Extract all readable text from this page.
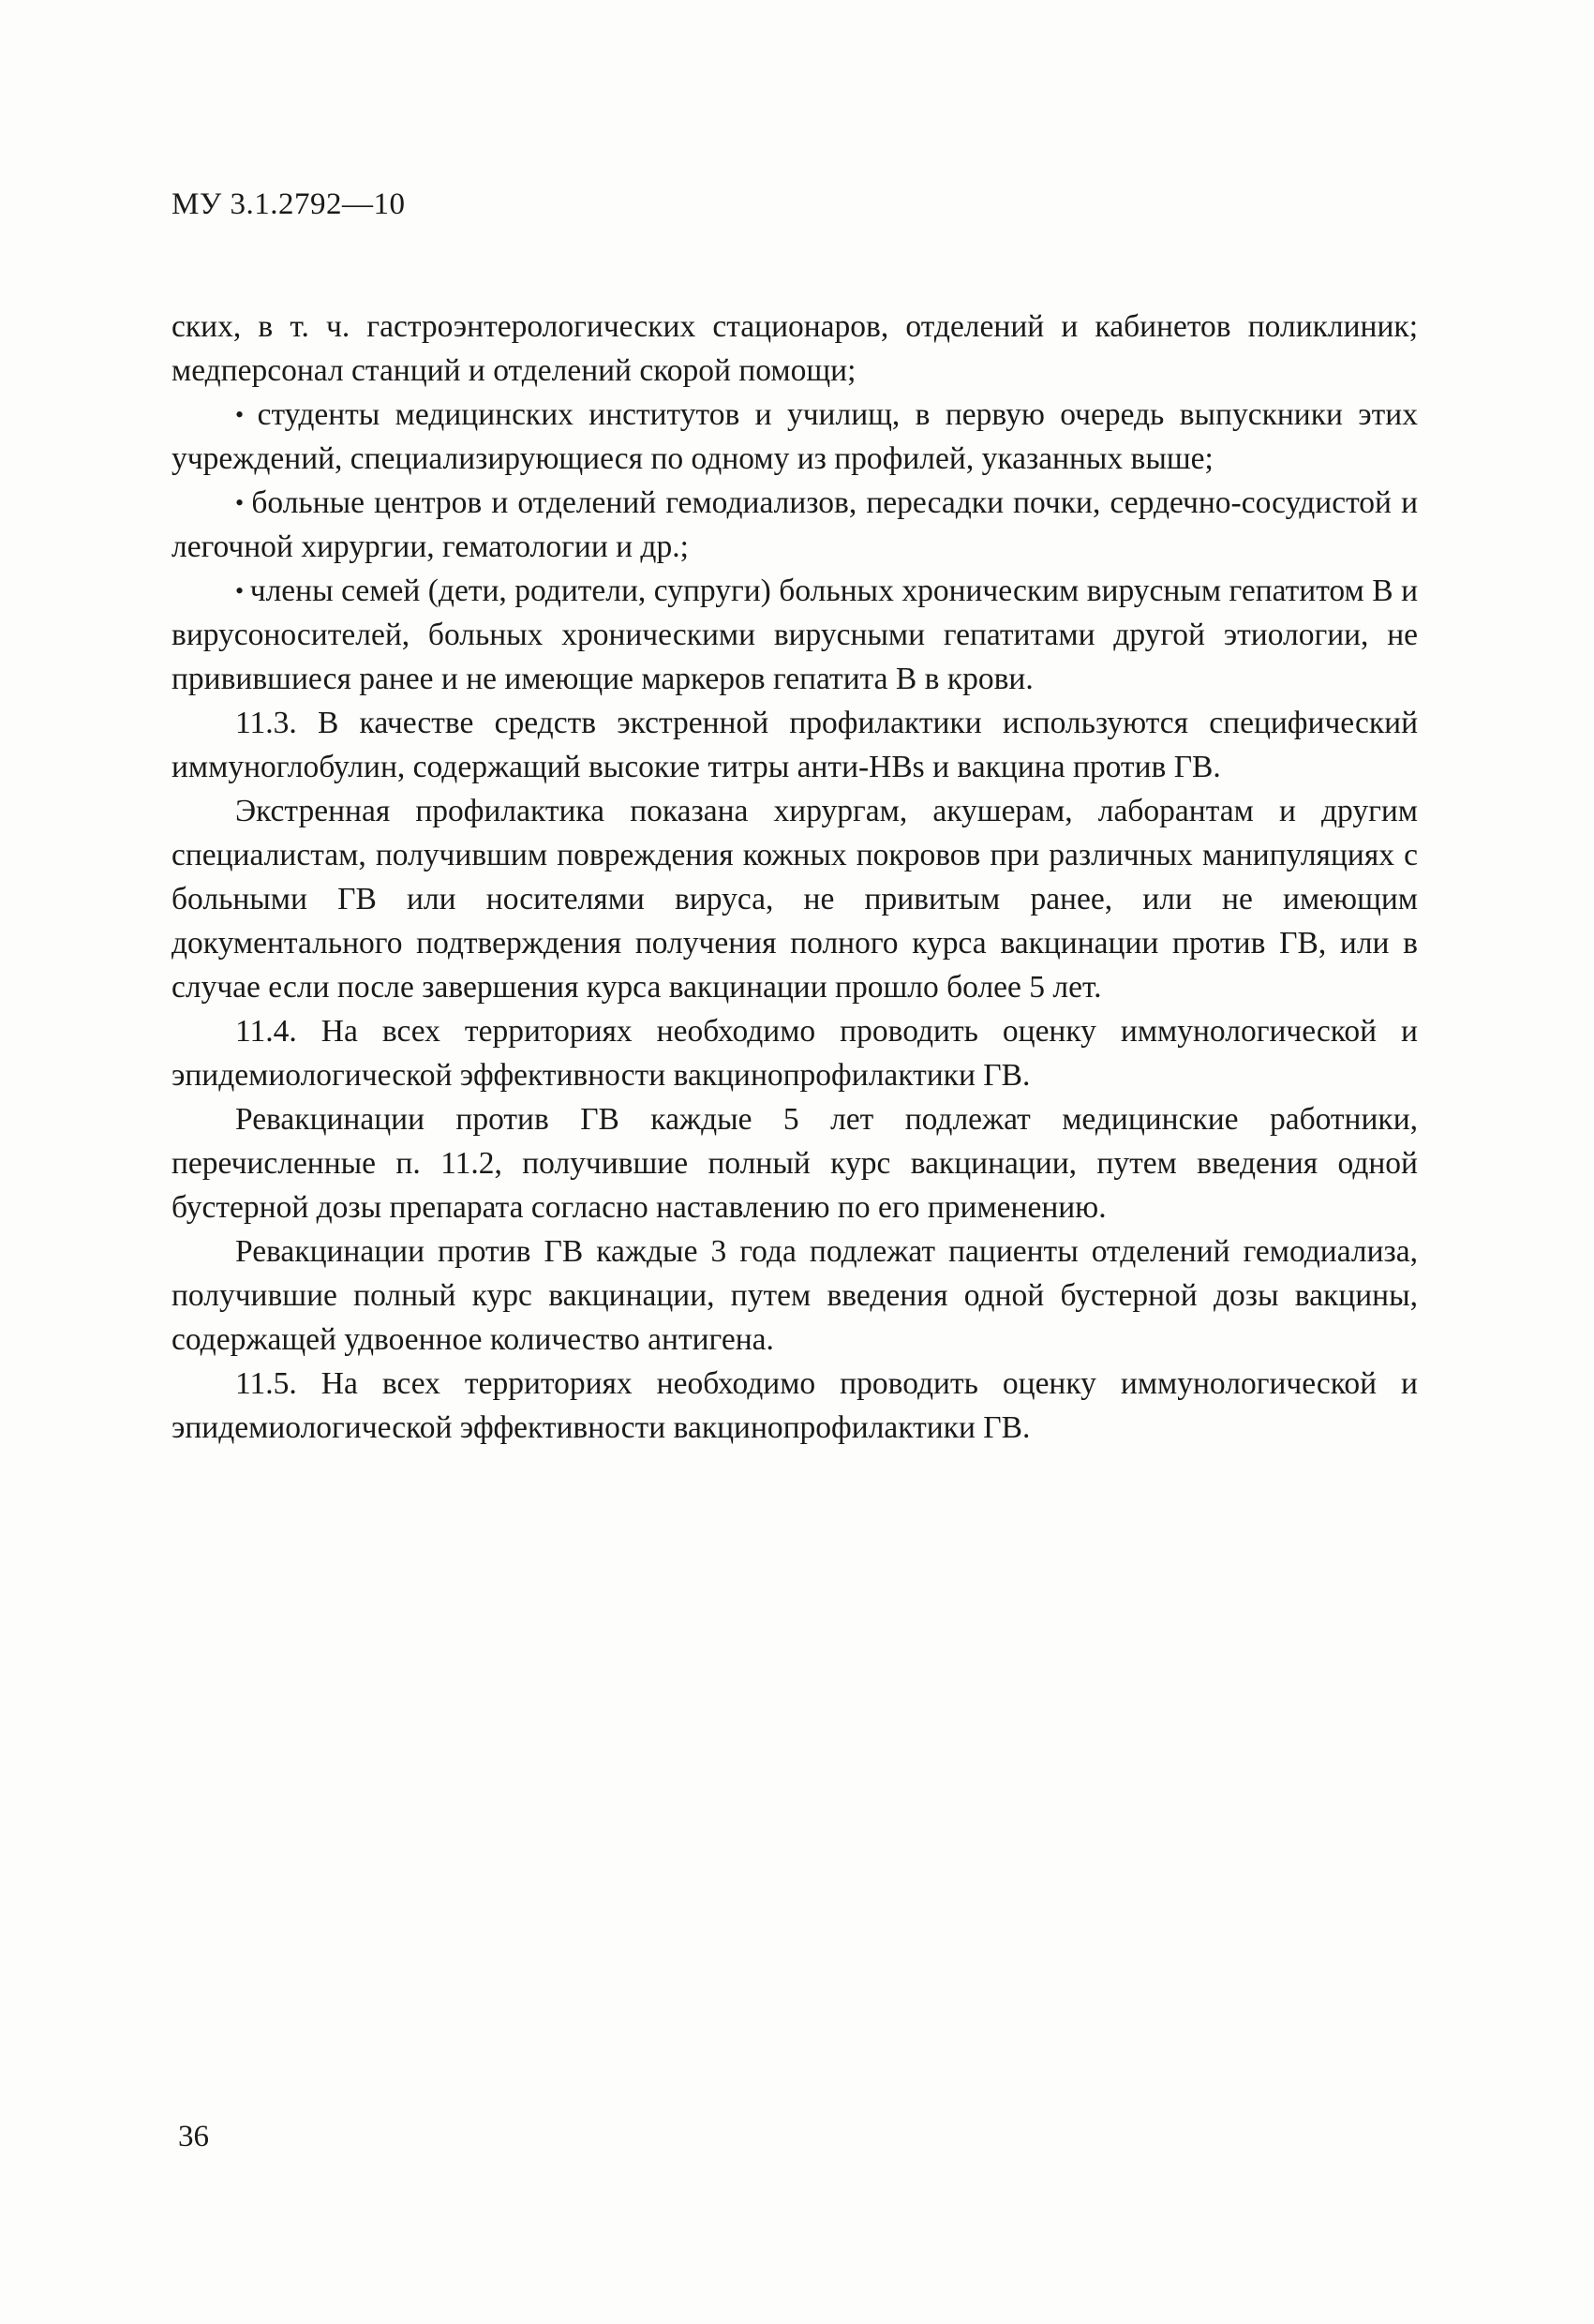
МУ 3.1.2792—10

ских, в т. ч. гастроэнтерологических стационаров, отделений и кабинетов поликлиник; медперсонал станций и отделений скорой помощи;

• студенты медицинских институтов и училищ, в первую очередь выпускники этих учреждений, специализирующиеся по одному из профилей, указанных выше;

• больные центров и отделений гемодиализов, пересадки почки, сердечно-сосудистой и легочной хирургии, гематологии и др.;

• члены семей (дети, родители, супруги) больных хроническим вирусным гепатитом В и вирусоносителей, больных хроническими вирусными гепатитами другой этиологии, не привившиеся ранее и не имеющие маркеров гепатита В в крови.

11.3. В качестве средств экстренной профилактики используются специфический иммуноглобулин, содержащий высокие титры анти-HBs и вакцина против ГВ.

Экстренная профилактика показана хирургам, акушерам, лаборантам и другим специалистам, получившим повреждения кожных покровов при различных манипуляциях с больными ГВ или носителями вируса, не привитым ранее, или не имеющим документального подтверждения получения полного курса вакцинации против ГВ, или в случае если после завершения курса вакцинации прошло более 5 лет.

11.4. На всех территориях необходимо проводить оценку иммунологической и эпидемиологической эффективности вакцинопрофилактики ГВ.

Ревакцинации против ГВ каждые 5 лет подлежат медицинские работники, перечисленные п. 11.2, получившие полный курс вакцинации, путем введения одной бустерной дозы препарата согласно наставлению по его применению.

Ревакцинации против ГВ каждые 3 года подлежат пациенты отделений гемодиализа, получившие полный курс вакцинации, путем введения одной бустерной дозы вакцины, содержащей удвоенное количество антигена.

11.5. На всех территориях необходимо проводить оценку иммунологической и эпидемиологической эффективности вакцинопрофилактики ГВ.

36
